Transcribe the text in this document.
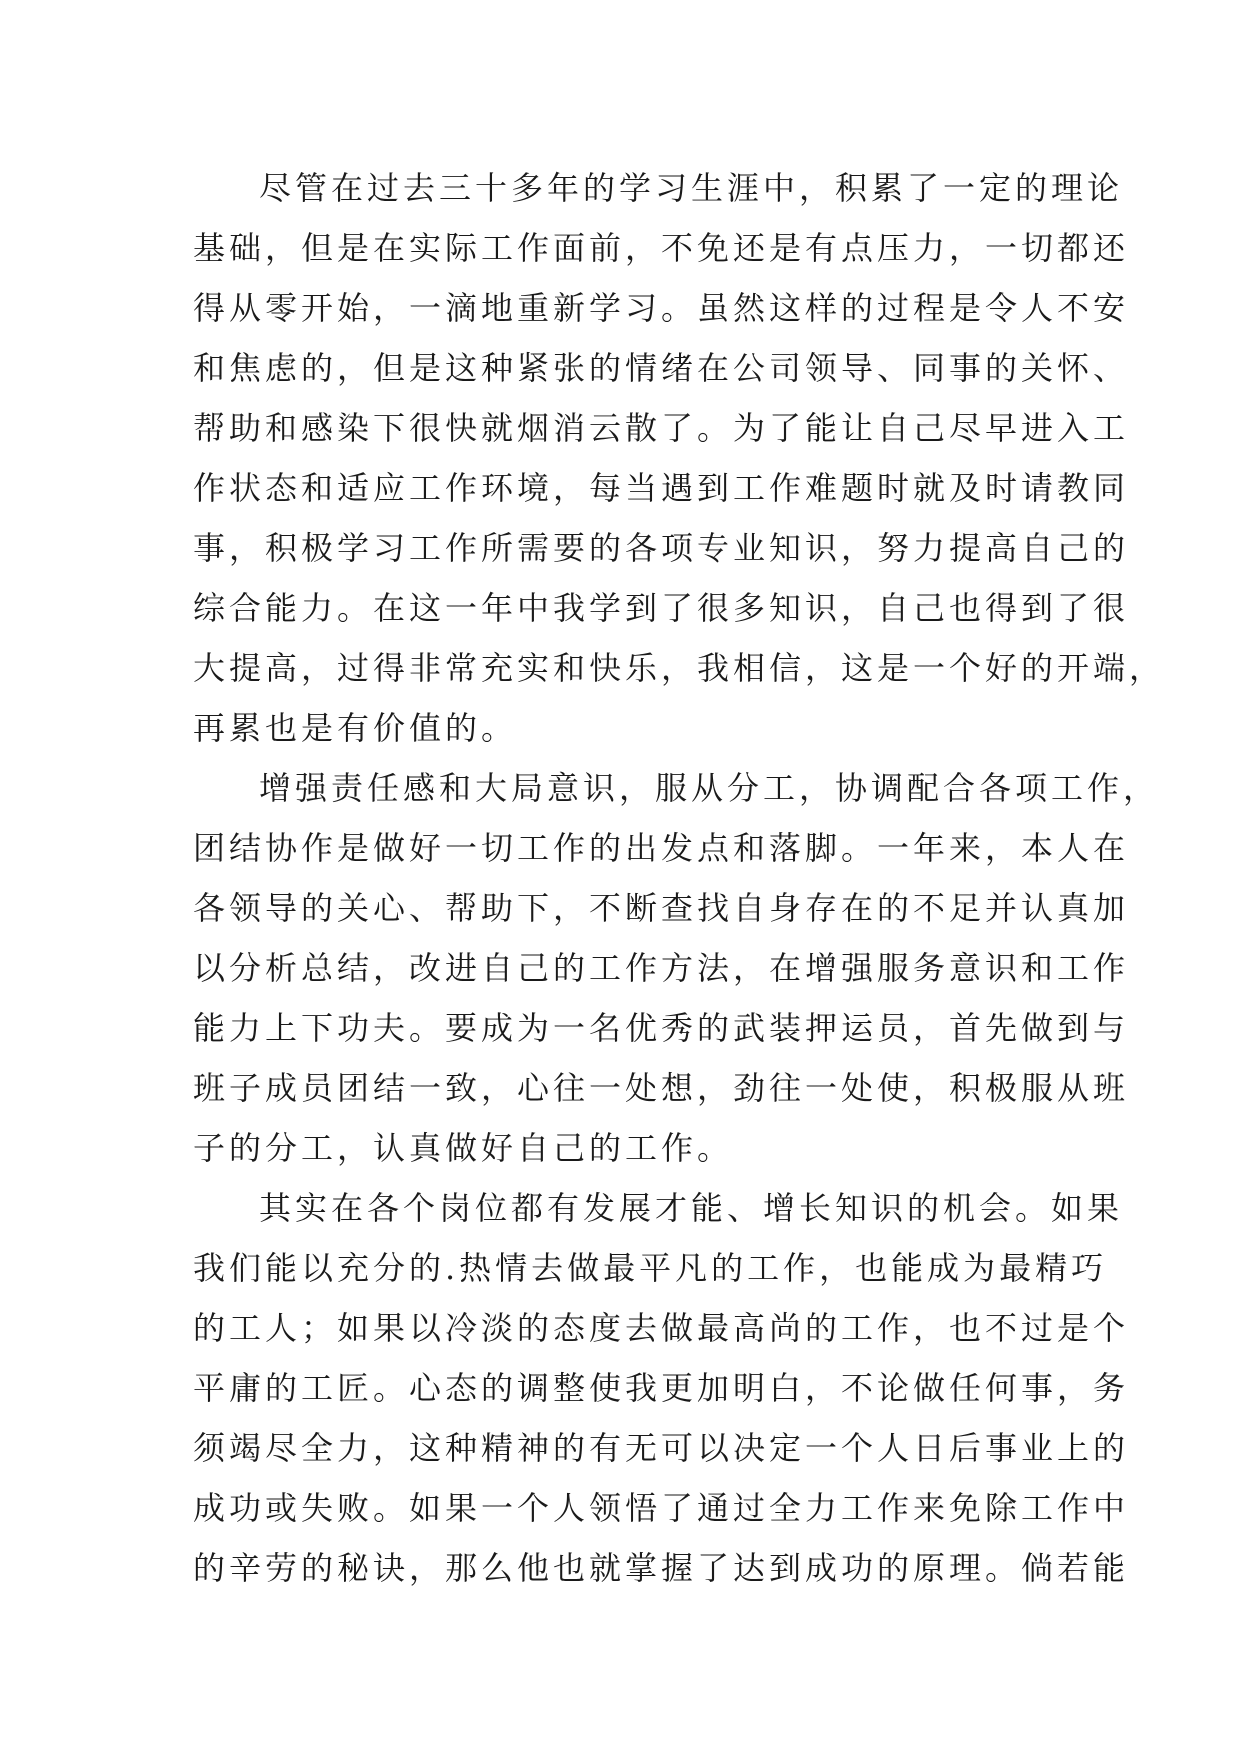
尽管在过去三十多年的学习生涯中，积累了一定的理论
基础，但是在实际工作面前，不免还是有点压力，一切都还
得从零开始，一滴地重新学习。虽然这样的过程是令人不安
和焦虑的，但是这种紧张的情绪在公司领导、同事的关怀、
帮助和感染下很快就烟消云散了。为了能让自己尽早进入工
作状态和适应工作环境，每当遇到工作难题时就及时请教同
事，积极学习工作所需要的各项专业知识，努力提高自己的
综合能力。在这一年中我学到了很多知识，自己也得到了很
大提高，过得非常充实和快乐，我相信，这是一个好的开端，
再累也是有价值的。
增强责任感和大局意识，服从分工，协调配合各项工作，
团结协作是做好一切工作的出发点和落脚。一年来，本人在
各领导的关心、帮助下，不断查找自身存在的不足并认真加
以分析总结，改进自己的工作方法，在增强服务意识和工作
能力上下功夫。要成为一名优秀的武装押运员，首先做到与
班子成员团结一致，心往一处想，劲往一处使，积极服从班
子的分工，认真做好自己的工作。
其实在各个岗位都有发展才能、增长知识的机会。如果
我们能以充分的.热情去做最平凡的工作，也能成为最精巧
的工人；如果以冷淡的态度去做最高尚的工作，也不过是个
平庸的工匠。心态的调整使我更加明白，不论做任何事，务
须竭尽全力，这种精神的有无可以决定一个人日后事业上的
成功或失败。如果一个人领悟了通过全力工作来免除工作中
的辛劳的秘诀，那么他也就掌握了达到成功的原理。倘若能
